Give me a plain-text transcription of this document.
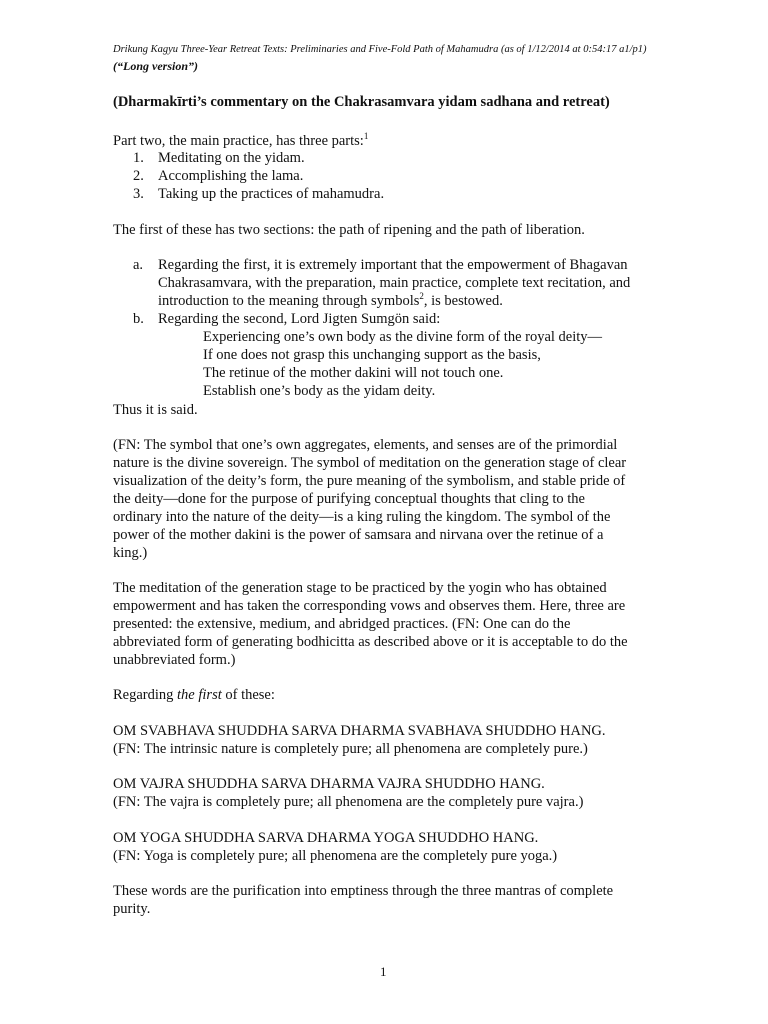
Drikung Kagyu Three-Year Retreat Texts: Preliminaries and Five-Fold Path of Mahamudra (as of 1/12/2014 at 0:54:17 a1/p1)
(“Long version”)
(Dharmakīrti’s commentary on the Chakrasamvara yidam sadhana and retreat)
Part two, the main practice, has three parts:$^1$
1. Meditating on the yidam.
2. Accomplishing the lama.
3. Taking up the practices of mahamudra.
The first of these has two sections: the path of ripening and the path of liberation.
a. Regarding the first, it is extremely important that the empowerment of Bhagavan
Chakrasamvara, with the preparation, main practice, complete text recitation, and
introduction to the meaning through symbols$^2$, is bestowed.
b. Regarding the second, Lord Jigten Sumgön said:
Experiencing one’s own body as the divine form of the royal deity—
If one does not grasp this unchanging support as the basis,
The retinue of the mother dakini will not touch one.
Establish one’s body as the yidam deity.
Thus it is said.
(FN: The symbol that one’s own aggregates, elements, and senses are of the primordial
nature is the divine sovereign. The symbol of meditation on the generation stage of clear
visualization of the deity’s form, the pure meaning of the symbolism, and stable pride of
the deity—done for the purpose of purifying conceptual thoughts that cling to the
ordinary into the nature of the deity—is a king ruling the kingdom. The symbol of the
power of the mother dakini is the power of samsara and nirvana over the retinue of a
king.)
The meditation of the generation stage to be practiced by the yogin who has obtained
empowerment and has taken the corresponding vows and observes them. Here, three are
presented: the extensive, medium, and abridged practices. (FN: One can do the
abbreviated form of generating bodhicitta as described above or it is acceptable to do the
unabbreviated form.)
Regarding the first of these:
OM SVABHAVA SHUDDHA SARVA DHARMA SVABHAVA SHUDDHO HANG.
(FN: The intrinsic nature is completely pure; all phenomena are completely pure.)
OM VAJRA SHUDDHA SARVA DHARMA VAJRA SHUDDHO HANG.
(FN: The vajra is completely pure; all phenomena are the completely pure vajra.)
OM YOGA SHUDDHA SARVA DHARMA YOGA SHUDDHO HANG.
(FN: Yoga is completely pure; all phenomena are the completely pure yoga.)
These words are the purification into emptiness through the three mantras of complete
purity.
1
